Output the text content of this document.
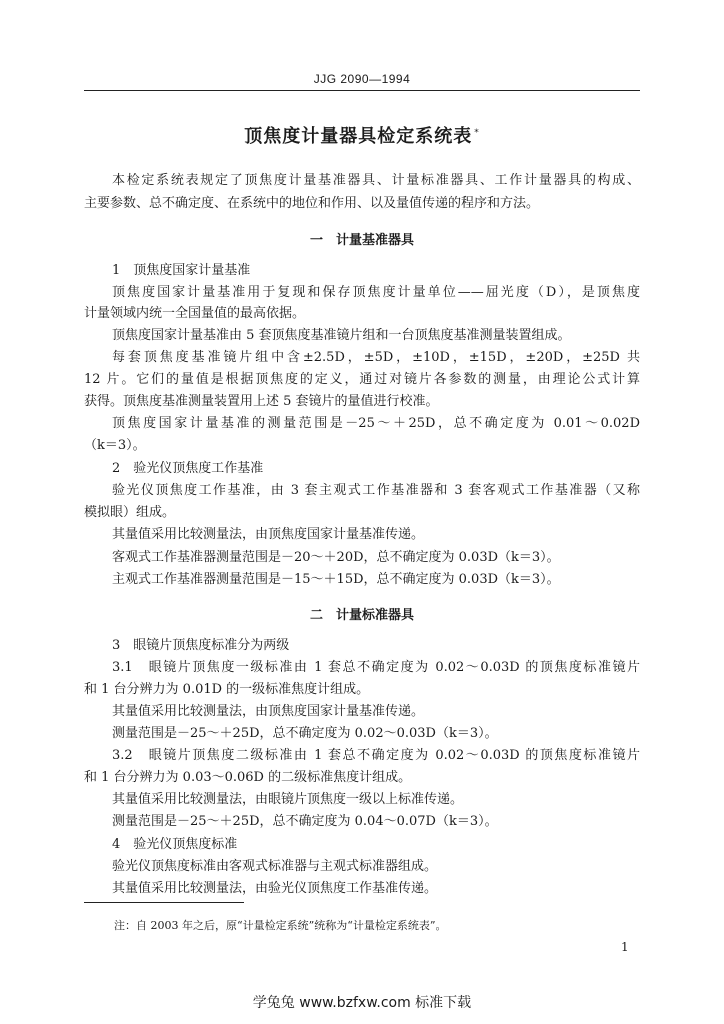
JJG 2090—1994
顶焦度计量器具检定系统表 *
本检定系统表规定了顶焦度计量基准器具、计量标准器具、工作计量器具的构成、
主要参数、总不确定度、在系统中的地位和作用、以及量值传递的程序和方法。
一　计量基准器具
1　顶焦度国家计量基准
顶焦度国家计量基准用于复现和保存顶焦度计量单位——屈光度（D），是顶焦度
计量领域内统一全国量值的最高依据。
顶焦度国家计量基准由 5 套顶焦度基准镜片组和一台顶焦度基准测量装置组成。
每套顶焦度基准镜片组中含±2.5D，±5D，±10D，±15D，±20D，±25D 共
12 片。它们的量值是根据顶焦度的定义，通过对镜片各参数的测量，由理论公式计算
获得。顶焦度基准测量装置用上述 5 套镜片的量值进行校准。
顶焦度国家计量基准的测量范围是－25～＋25D，总不确定度为 0.01～0.02D
（k＝3）。
2　验光仪顶焦度工作基准
验光仪顶焦度工作基准，由 3 套主观式工作基准器和 3 套客观式工作基准器（又称
模拟眼）组成。
其量值采用比较测量法，由顶焦度国家计量基准传递。
客观式工作基准器测量范围是－20～＋20D，总不确定度为 0.03D（k＝3）。
主观式工作基准器测量范围是－15～＋15D，总不确定度为 0.03D（k＝3）。
二　计量标准器具
3　眼镜片顶焦度标准分为两级
3.1　眼镜片顶焦度一级标准由 1 套总不确定度为 0.02～0.03D 的顶焦度标准镜片
和 1 台分辨力为 0.01D 的一级标准焦度计组成。
其量值采用比较测量法，由顶焦度国家计量基准传递。
测量范围是－25～＋25D，总不确定度为 0.02～0.03D（k＝3）。
3.2　眼镜片顶焦度二级标准由 1 套总不确定度为 0.02～0.03D 的顶焦度标准镜片
和 1 台分辨力为 0.03～0.06D 的二级标准焦度计组成。
其量值采用比较测量法，由眼镜片顶焦度一级以上标准传递。
测量范围是－25～＋25D，总不确定度为 0.04～0.07D（k＝3）。
4　验光仪顶焦度标准
验光仪顶焦度标准由客观式标准器与主观式标准器组成。
其量值采用比较测量法，由验光仪顶焦度工作基准传递。
注：自 2003 年之后，原“计量检定系统”统称为“计量检定系统表”。
1
学兔兔 www.bzfxw.com 标准下载
